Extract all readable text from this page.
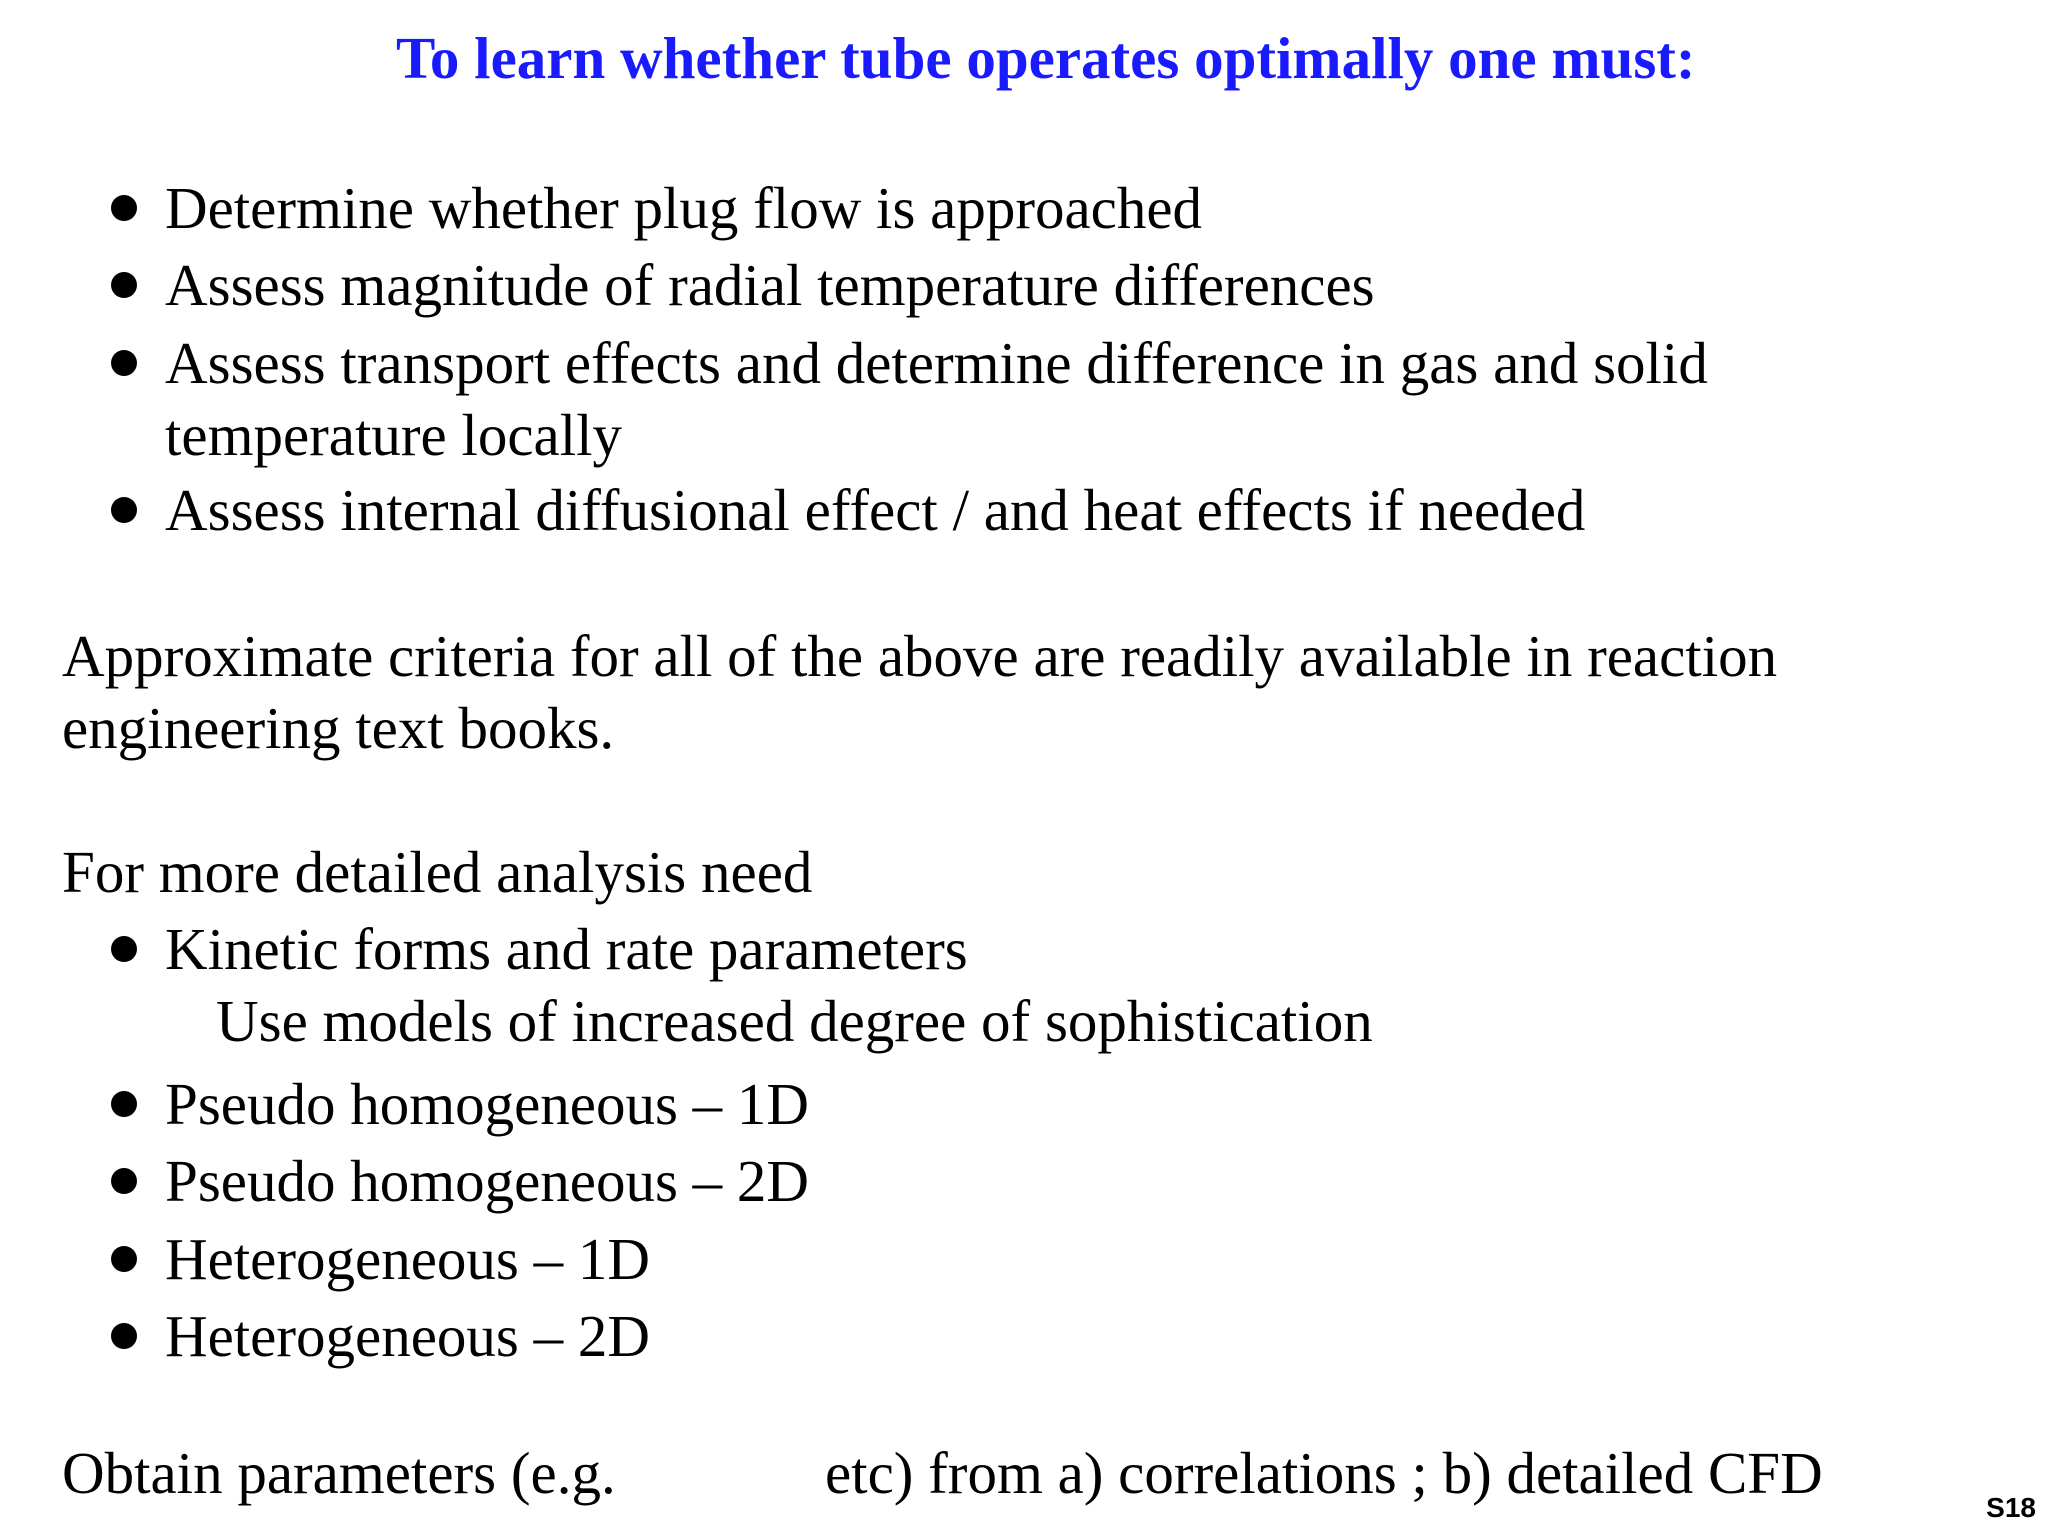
To learn whether tube operates optimally one must:
Determine whether plug flow is approached
Assess magnitude of radial temperature differences
Assess transport effects and determine difference in gas and solid
temperature locally
Assess internal diffusional effect / and heat effects if needed
Approximate criteria for all of the above are readily available in reaction
engineering text books.
For more detailed analysis need
Kinetic forms and rate parameters
Use models of increased degree of sophistication
Pseudo homogeneous – 1D
Pseudo homogeneous – 2D
Heterogeneous – 1D
Heterogeneous – 2D
Obtain parameters (e.g.	etc) from a) correlations ; b) detailed CFD
S18
